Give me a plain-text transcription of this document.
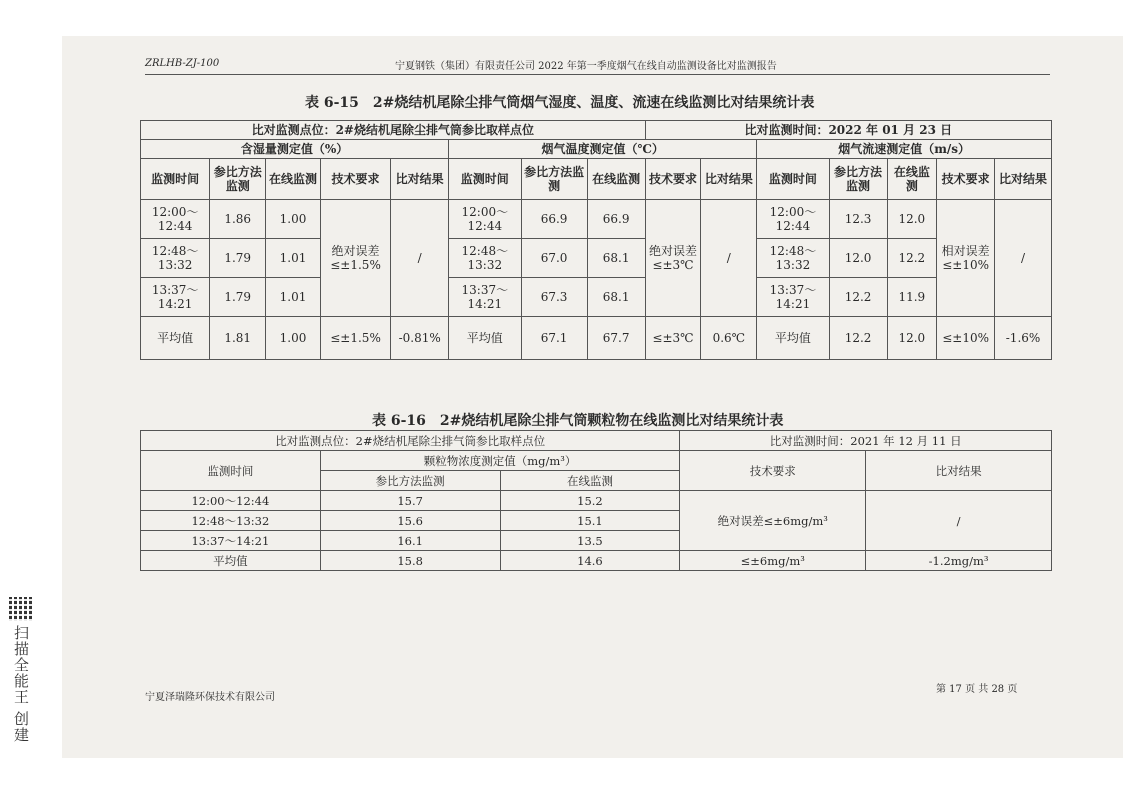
ZRLHB-ZJ-100	宁夏钢铁（集团）有限责任公司 2022 年第一季度烟气在线自动监测设备比对监测报告
表 6-15　2#烧结机尾除尘排气筒烟气湿度、温度、流速在线监测比对结果统计表
比对监测点位：2#烧结机尾除尘排气筒参比取样点位								比对监测时间：2022 年 01 月 23 日						
含湿量测定值（%）					烟气温度测定值（℃）					烟气流速测定值（m/s）				
监测时间	参比方法监测	在线监测	技术要求	比对结果	监测时间	参比方法监测	在线监测	技术要求	比对结果	监测时间	参比方法监测	在线监测	技术要求	比对结果
12:00～12:44	1.86	1.00	绝对误差≤±1.5%	/	12:00～12:44	66.9	66.9	绝对误差≤±3℃	/	12:00～12:44	12.3	12.0	相对误差≤±10%	/
12:48～13:32	1.79	1.01			12:48～13:32	67.0	68.1			12:48～13:32	12.0	12.2		
13:37～14:21	1.79	1.01			13:37～14:21	67.3	68.1			13:37～14:21	12.2	11.9		
平均值	1.81	1.00	≤±1.5%	-0.81%	平均值	67.1	67.7	≤±3℃	0.6℃	平均值	12.2	12.0	≤±10%	-1.6%
表 6-16　2#烧结机尾除尘排气筒颗粒物在线监测比对结果统计表
比对监测点位：2#烧结机尾除尘排气筒参比取样点位			比对监测时间：2021 年 12 月 11 日	
监测时间	颗粒物浓度测定值（mg/m³）		技术要求	比对结果
	参比方法监测	在线监测		
12:00～12:44	15.7	15.2	绝对误差≤±6mg/m³	/
12:48～13:32	15.6	15.1		
13:37～14:21	16.1	13.5		
平均值	15.8	14.6	≤±6mg/m³	-1.2mg/m³
宁夏泽瑞隆环保技术有限公司
第 17 页 共 28 页
扫描全能王 创建
